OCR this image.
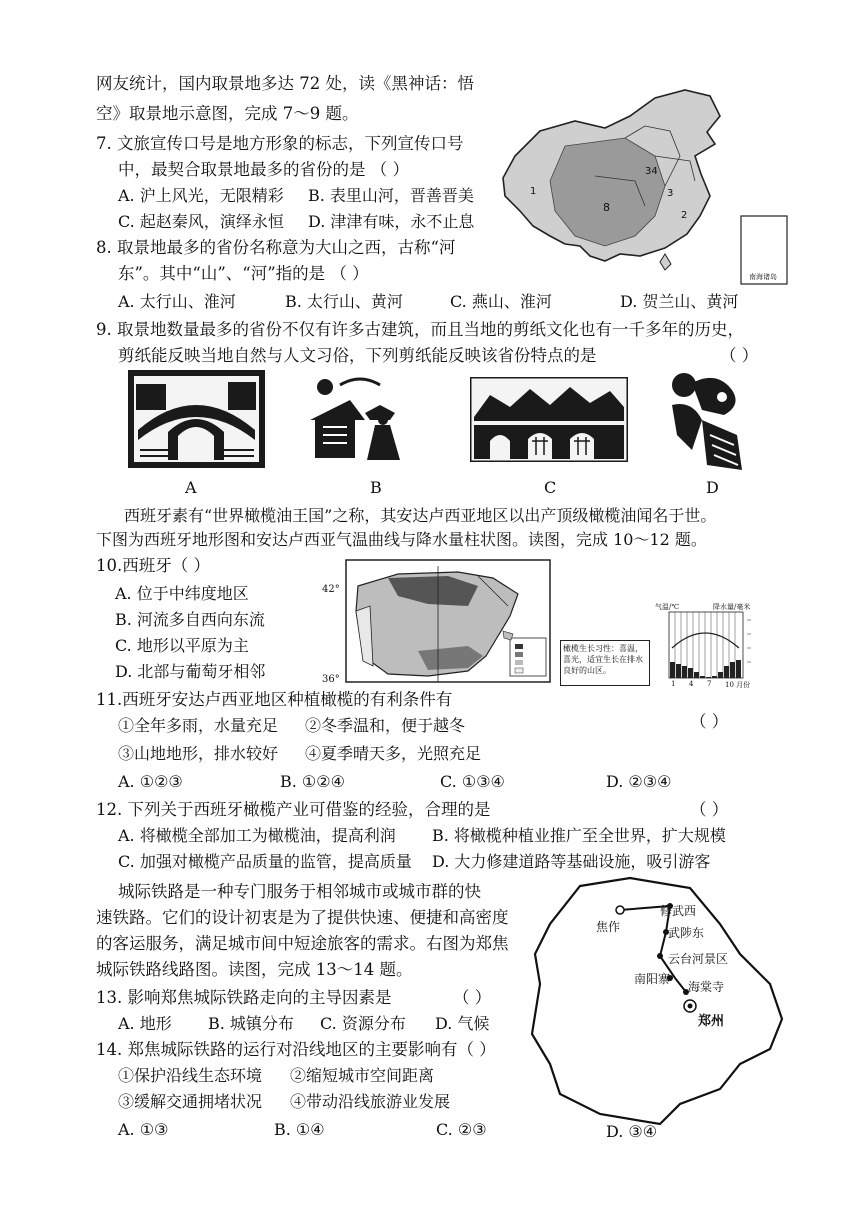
网友统计，国内取景地多达 72 处，读《黑神话：悟
空》取景地示意图，完成 7～9 题。
7. 文旅宣传口号是地方形象的标志，下列宣传口号
中，最契合取景地最多的省份的是 （ ）
A. 沪上风光，无限精彩 B. 表里山河，晋善晋美
C. 起赵秦风，演绎永恒 D. 津津有味，永不止息
8. 取景地最多的省份名称意为大山之西，古称“河
东”。其中“山”、“河”指的是 （ ）
A. 太行山、淮河	B. 太行山、黄河	C. 燕山、淮河	D. 贺兰山、黄河
8
34
3
2
1
南海诸岛
9. 取景地数量最多的省份不仅有许多古建筑，而且当地的剪纸文化也有一千多年的历史，
剪纸能反映当地自然与人文习俗，下列剪纸能反映该省份特点的是	（ ）
A	B	C	D
西班牙素有“世界橄榄油王国”之称，其安达卢西亚地区以出产顶级橄榄油闻名于世。
下图为西班牙地形图和安达卢西亚气温曲线与降水量柱状图。读图，完成 10～12 题。
10.西班牙（ ）
A. 位于中纬度地区
B. 河流多自西向东流
C. 地形以平原为主
D. 北部与葡萄牙相邻
42°
36°
橄榄生长习性：喜温，喜光，适宜生长在排水良好的山区。
气温/℃	降水量/毫米
1 4 7 10 月份
11.西班牙安达卢西亚地区种植橄榄的有利条件有
（ ）
①全年多雨，水量充足 ②冬季温和，便于越冬
③山地地形，排水较好 ④夏季晴天多，光照充足
A. ①②③	B. ①②④	C. ①③④	D. ②③④
12. 下列关于西班牙橄榄产业可借鉴的经验，合理的是	（ ）
A. 将橄榄全部加工为橄榄油，提高利润 B. 将橄榄种植业推广至全世界，扩大规模
C. 加强对橄榄产品质量的监管，提高质量 D. 大力修建道路等基础设施，吸引游客
城际铁路是一种专门服务于相邻城市或城市群的快
速铁路。它们的设计初衷是为了提供快速、便捷和高密度
的客运服务，满足城市间中短途旅客的需求。右图为郑焦
城际铁路线路图。读图，完成 13～14 题。
13. 影响郑焦城际铁路走向的主导因素是	（ ）
A. 地形 B. 城镇分布 C. 资源分布 D. 气候
14. 郑焦城际铁路的运行对沿线地区的主要影响有（ ）
①保护沿线生态环境 ②缩短城市空间距离
③缓解交通拥堵状况 ④带动沿线旅游业发展
A. ①③	B. ①④	C. ②③	D. ③④
修武西
焦作	武陟东
云台河景区
南阳寨
海棠寺
郑州
